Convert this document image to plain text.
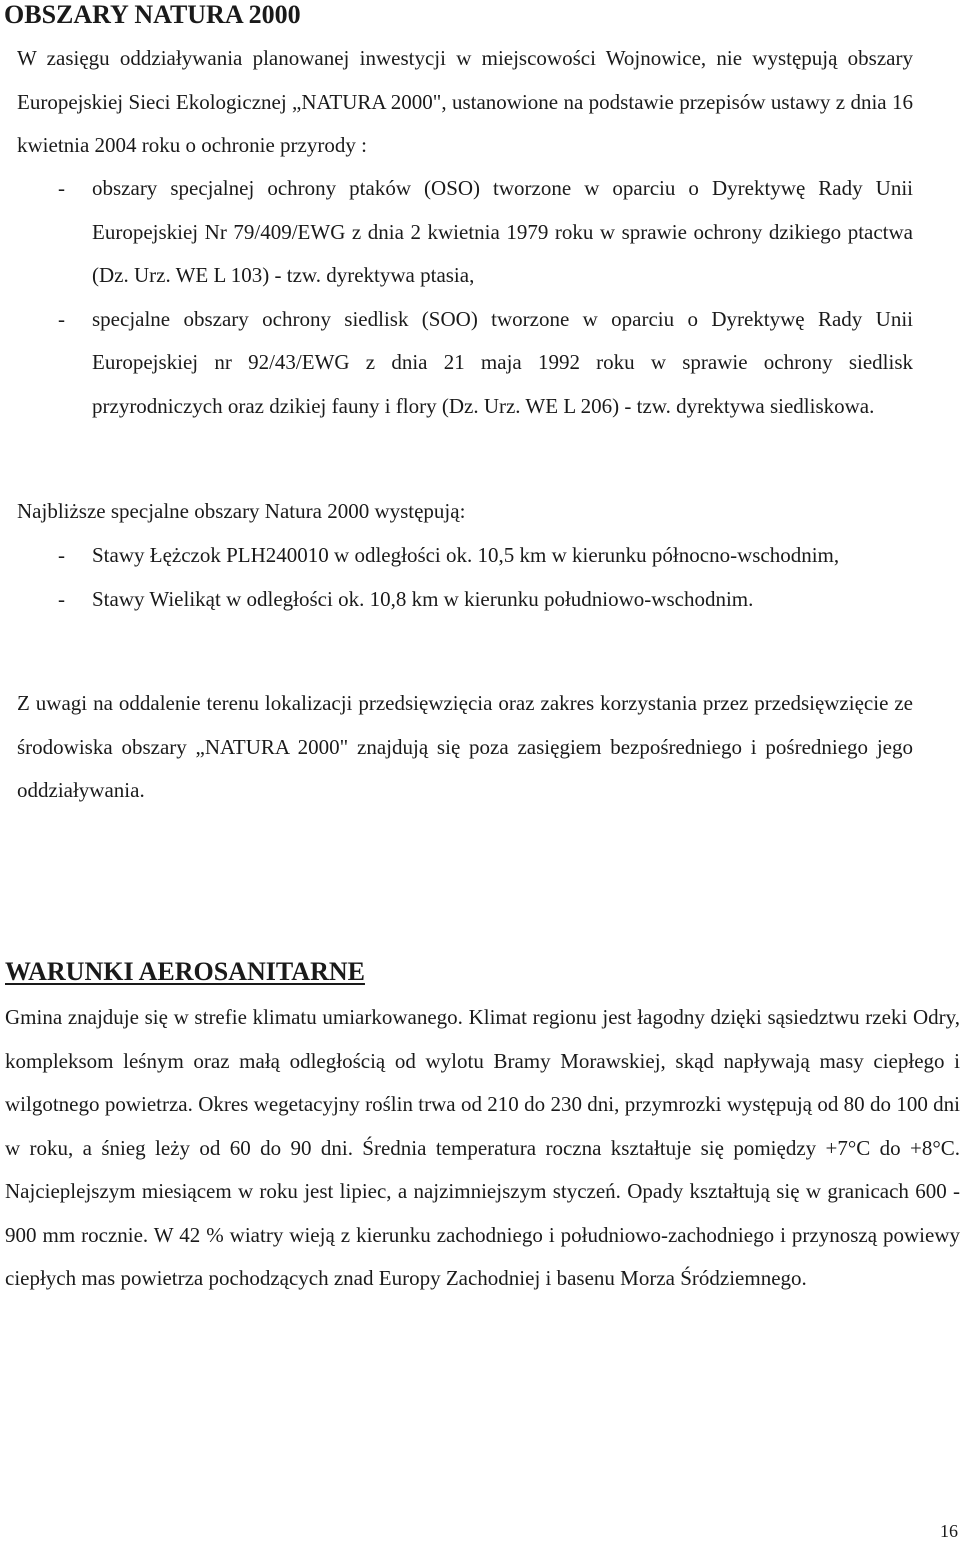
OBSZARY NATURA 2000

W zasięgu oddziaływania planowanej inwestycji w miejscowości Wojnowice, nie występują obszary Europejskiej Sieci Ekologicznej „NATURA 2000", ustanowione na podstawie przepisów ustawy z dnia 16 kwietnia 2004 roku o ochronie przyrody :

- obszary specjalnej ochrony ptaków (OSO) tworzone w oparciu o Dyrektywę Rady Unii Europejskiej Nr 79/409/EWG z dnia 2 kwietnia 1979 roku w sprawie ochrony dzikiego ptactwa (Dz. Urz. WE L 103) - tzw. dyrektywa ptasia,
- specjalne obszary ochrony siedlisk (SOO) tworzone w oparciu o Dyrektywę Rady Unii Europejskiej nr 92/43/EWG z dnia 21 maja 1992 roku w sprawie ochrony siedlisk przyrodniczych oraz dzikiej fauny i flory (Dz. Urz. WE L 206) - tzw. dyrektywa siedliskowa.

Najbliższe specjalne obszary Natura 2000 występują:

- Stawy Łężczok PLH240010 w odległości ok. 10,5 km w kierunku północno-wschodnim,
- Stawy Wielikąt w odległości ok. 10,8 km w kierunku południowo-wschodnim.

Z uwagi na oddalenie terenu lokalizacji przedsięwzięcia oraz zakres korzystania przez przedsięwzięcie ze środowiska obszary „NATURA 2000" znajdują się poza zasięgiem bezpośredniego i pośredniego jego oddziaływania.

WARUNKI AEROSANITARNE

Gmina znajduje się w strefie klimatu umiarkowanego. Klimat regionu jest łagodny dzięki sąsiedztwu rzeki Odry, kompleksom leśnym oraz małą odległością od wylotu Bramy Morawskiej, skąd napływają masy ciepłego i wilgotnego powietrza. Okres wegetacyjny roślin trwa od 210 do 230 dni, przymrozki występują od 80 do 100 dni w roku, a śnieg leży od 60 do 90 dni. Średnia temperatura roczna kształtuje się pomiędzy +7°C do +8°C. Najcieplejszym miesiącem w roku jest lipiec, a najzimniejszym styczeń. Opady kształtują się w granicach 600 - 900 mm rocznie. W 42 % wiatry wieją z kierunku zachodniego i południowo-zachodniego i przynoszą powiewy ciepłych mas powietrza pochodzących znad Europy Zachodniej i basenu Morza Śródziemnego.

16
